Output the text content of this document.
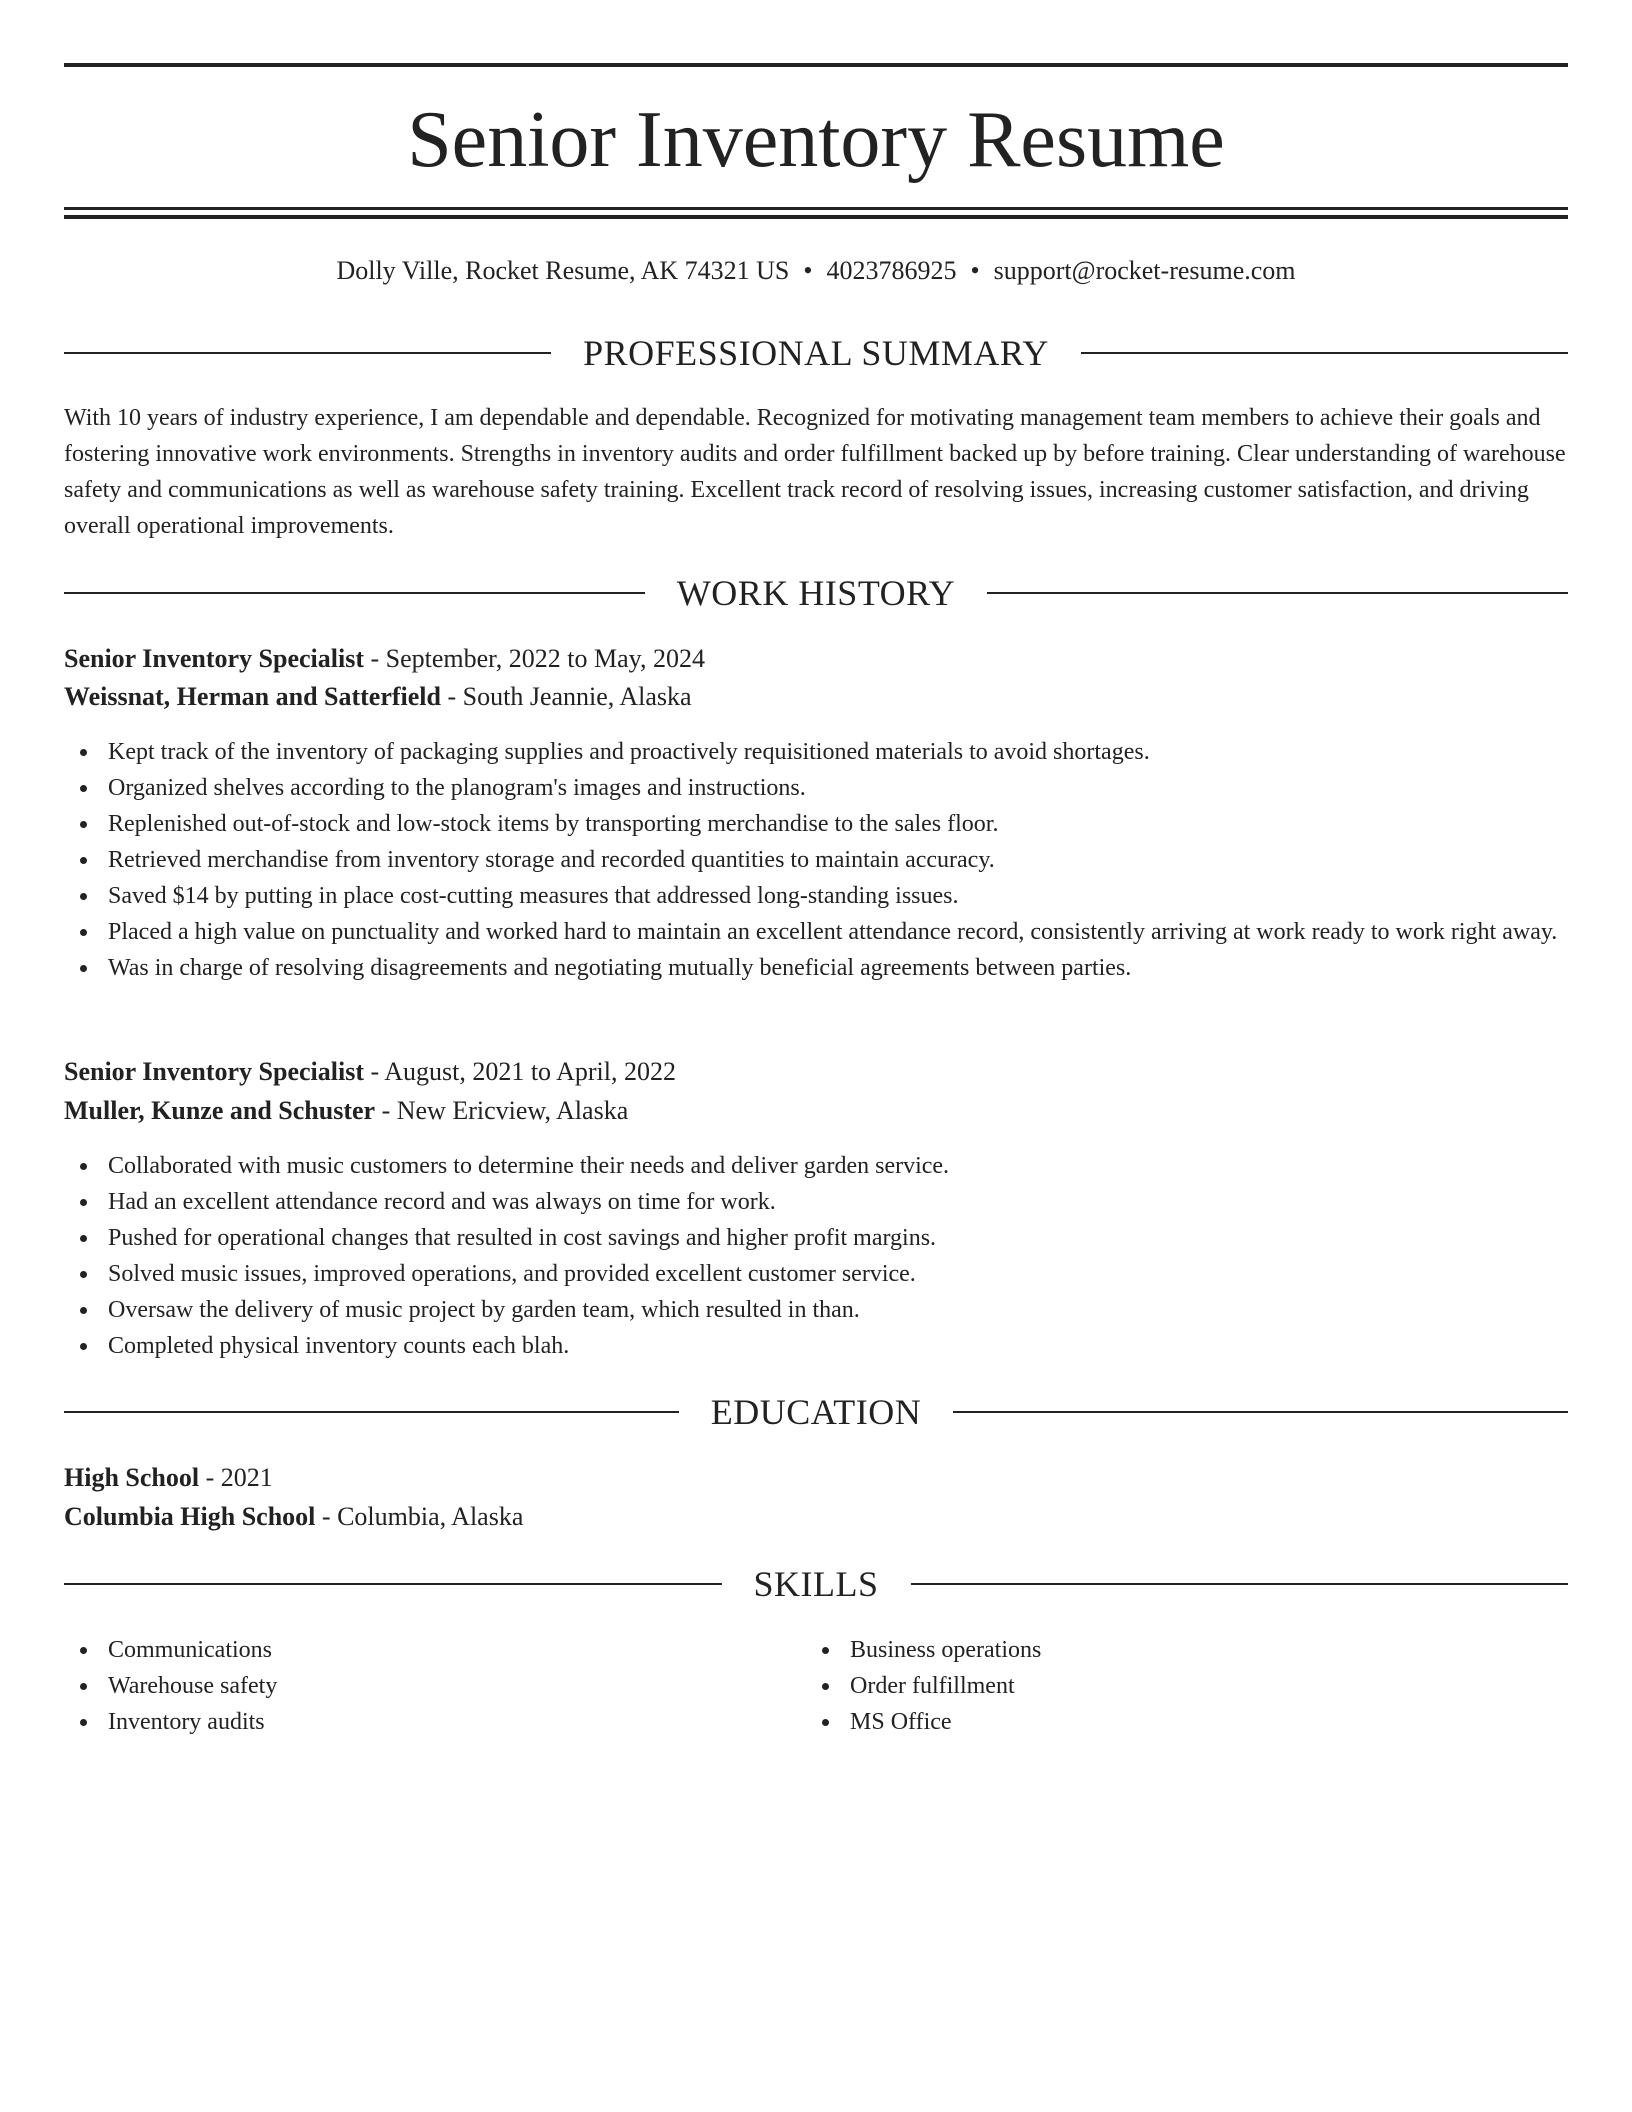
Senior Inventory Resume
Dolly Ville, Rocket Resume, AK 74321 US • 4023786925 • support@rocket-resume.com
PROFESSIONAL SUMMARY

With 10 years of industry experience, I am dependable and dependable. Recognized for motivating management team members to achieve their goals and fostering innovative work environments. Strengths in inventory audits and order fulfillment backed up by before training. Clear understanding of warehouse safety and communications as well as warehouse safety training. Excellent track record of resolving issues, increasing customer satisfaction, and driving overall operational improvements.

WORK HISTORY
Senior Inventory Specialist - September, 2022 to May, 2024
Weissnat, Herman and Satterfield - South Jeannie, Alaska
Kept track of the inventory of packaging supplies and proactively requisitioned materials to avoid shortages.
Organized shelves according to the planogram's images and instructions.
Replenished out-of-stock and low-stock items by transporting merchandise to the sales floor.
Retrieved merchandise from inventory storage and recorded quantities to maintain accuracy.
Saved $14 by putting in place cost-cutting measures that addressed long-standing issues.
Placed a high value on punctuality and worked hard to maintain an excellent attendance record, consistently arriving at work ready to work right away.
Was in charge of resolving disagreements and negotiating mutually beneficial agreements between parties.
Senior Inventory Specialist - August, 2021 to April, 2022
Muller, Kunze and Schuster - New Ericview, Alaska
Collaborated with music customers to determine their needs and deliver garden service.
Had an excellent attendance record and was always on time for work.
Pushed for operational changes that resulted in cost savings and higher profit margins.
Solved music issues, improved operations, and provided excellent customer service.
Oversaw the delivery of music project by garden team, which resulted in than.
Completed physical inventory counts each blah.
EDUCATION
High School - 2021
Columbia High School - Columbia, Alaska
SKILLS
Communications
Warehouse safety
Inventory audits
Business operations
Order fulfillment
MS Office
